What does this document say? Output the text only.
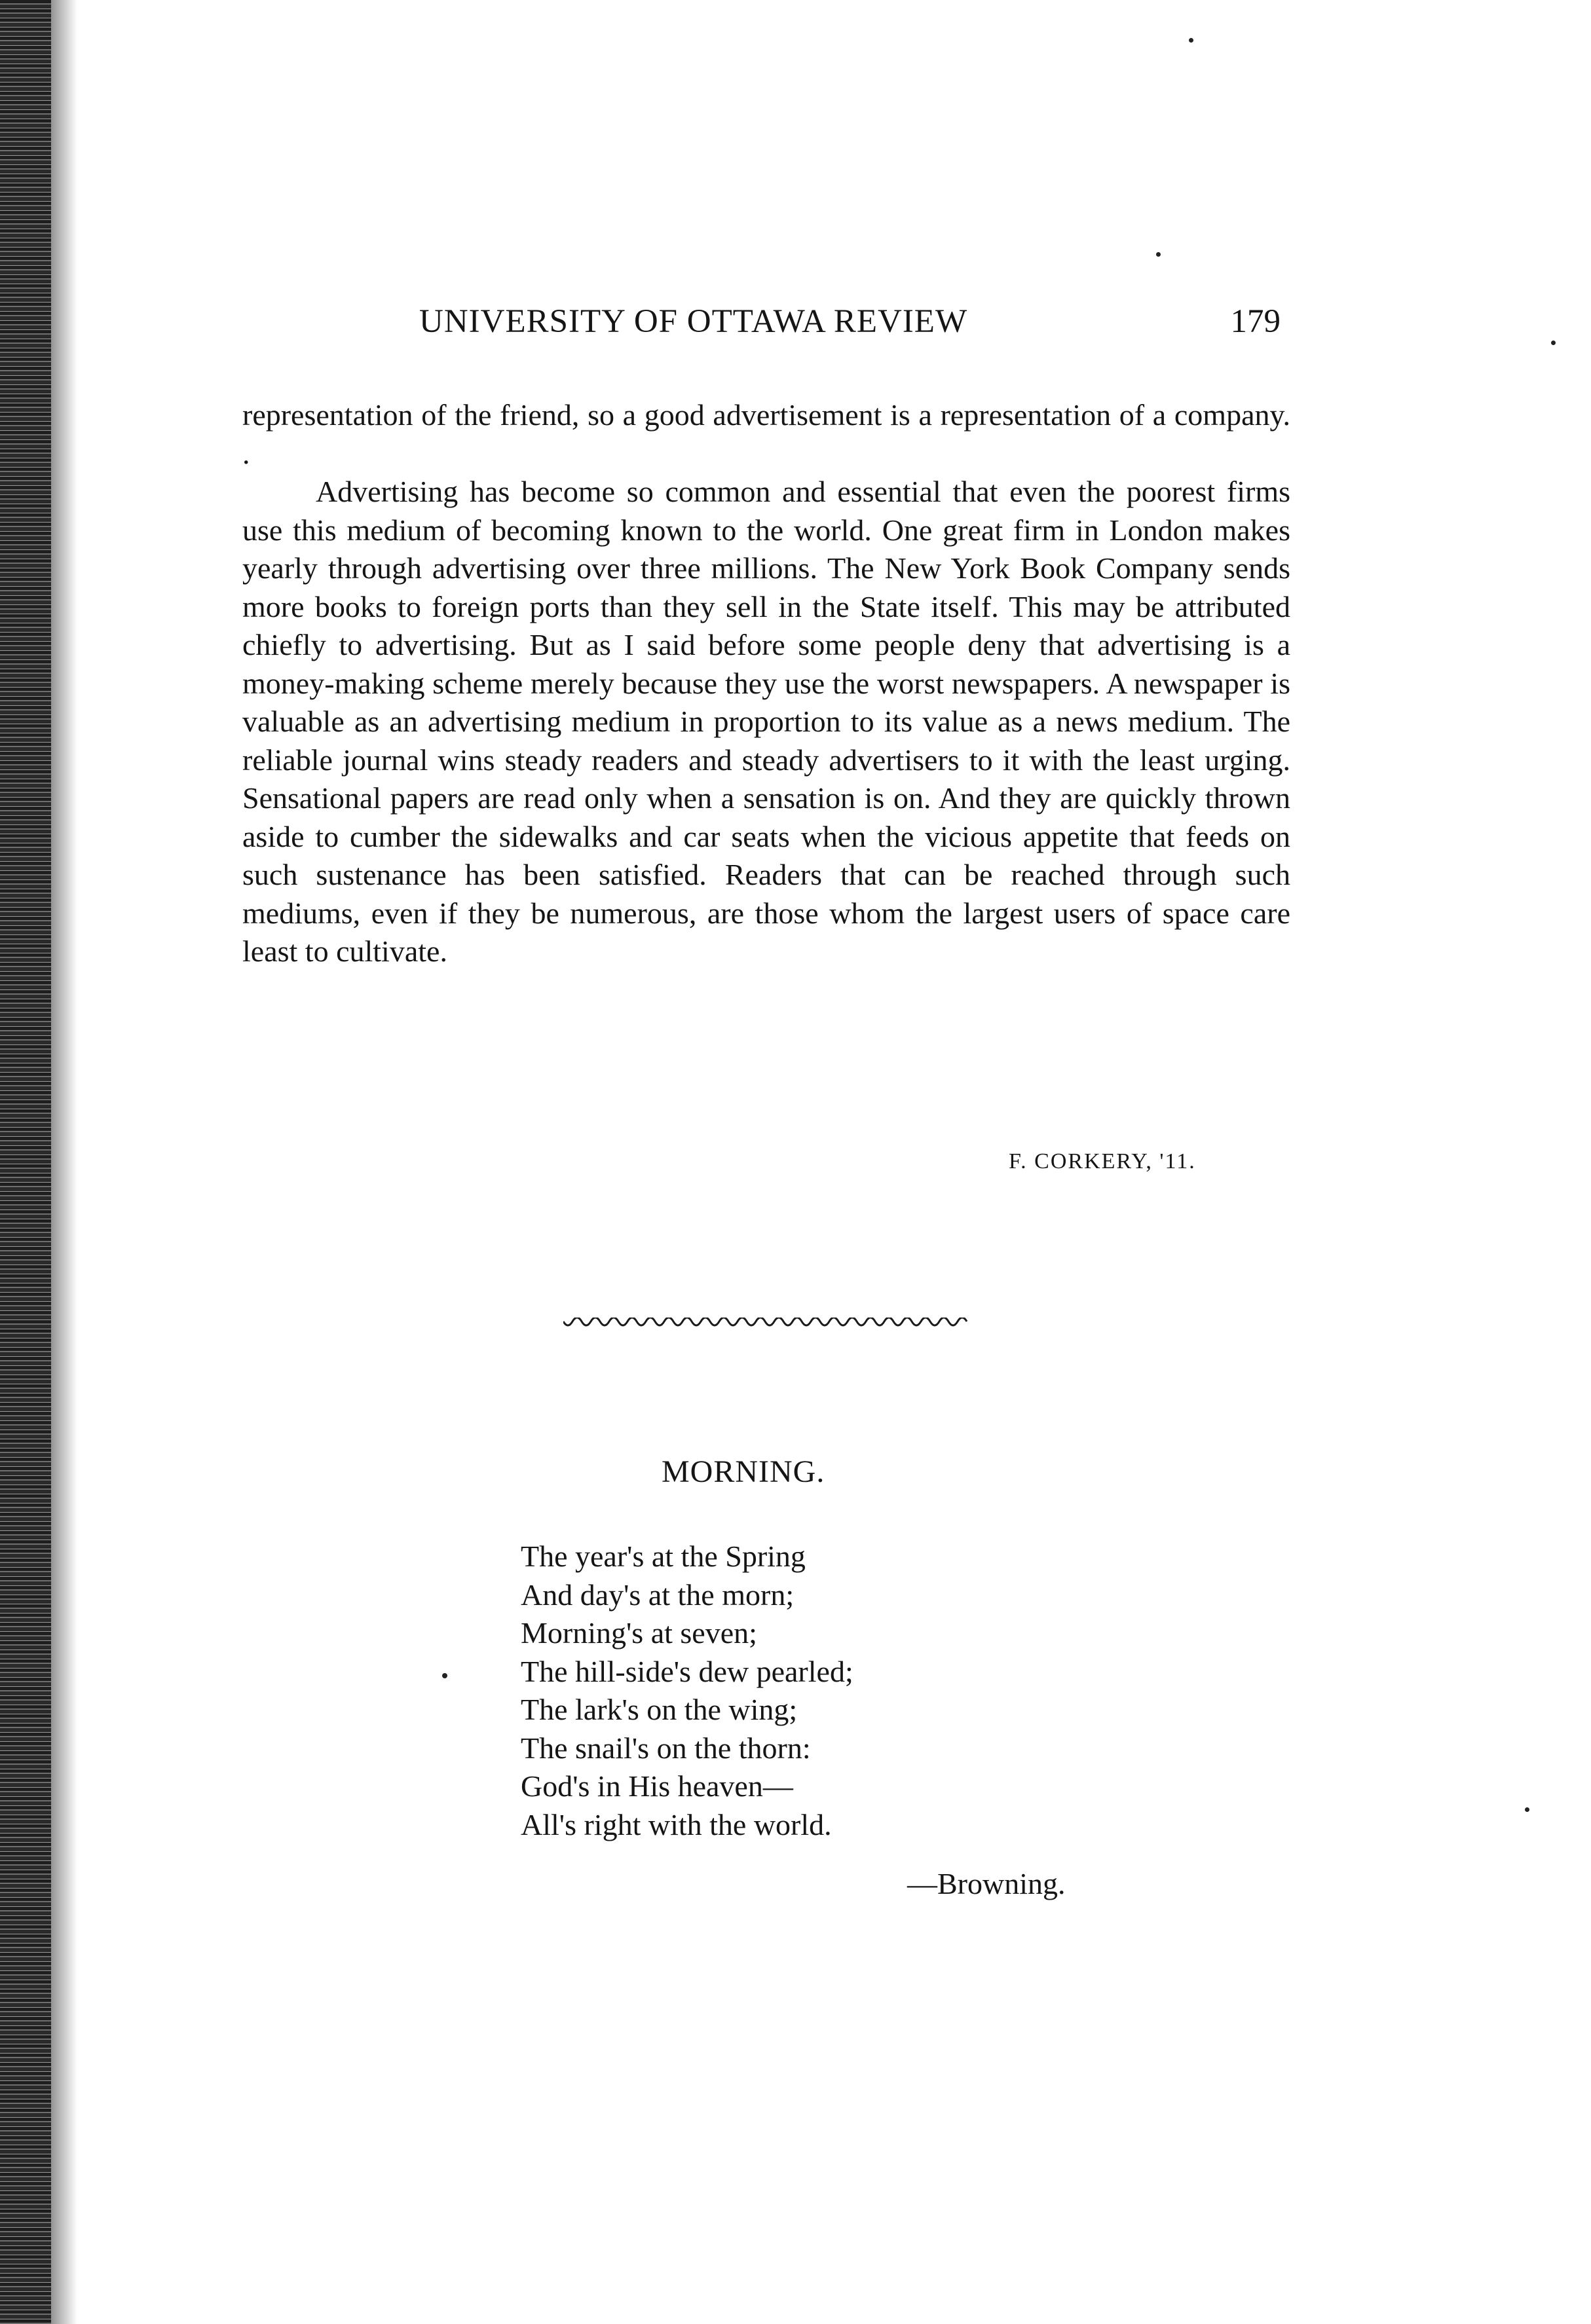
UNIVERSITY OF OTTAWA REVIEW	179

representation of the friend, so a good advertisement is a representation of a company. .

Advertising has become so common and essential that even the poorest firms use this medium of becoming known to the world. One great firm in London makes yearly through advertising over three millions. The New York Book Company sends more books to foreign ports than they sell in the State itself. This may be attributed chiefly to advertising. But as I said before some people deny that advertising is a money-making scheme merely because they use the worst newspapers. A newspaper is valuable as an advertising medium in proportion to its value as a news medium. The reliable journal wins steady readers and steady advertisers to it with the least urging. Sensational papers are read only when a sensation is on. And they are quickly thrown aside to cumber the sidewalks and car seats when the vicious appetite that feeds on such sustenance has been satisfied. Readers that can be reached through such mediums, even if they be numerous, are those whom the largest users of space care least to cultivate.

F. CORKERY, '11.
MORNING.
The year's at the Spring
And day's at the morn;
Morning's at seven;
The hill-side's dew pearled;
The lark's on the wing;
The snail's on the thorn:
God's in His heaven—
All's right with the world.
—Browning.
